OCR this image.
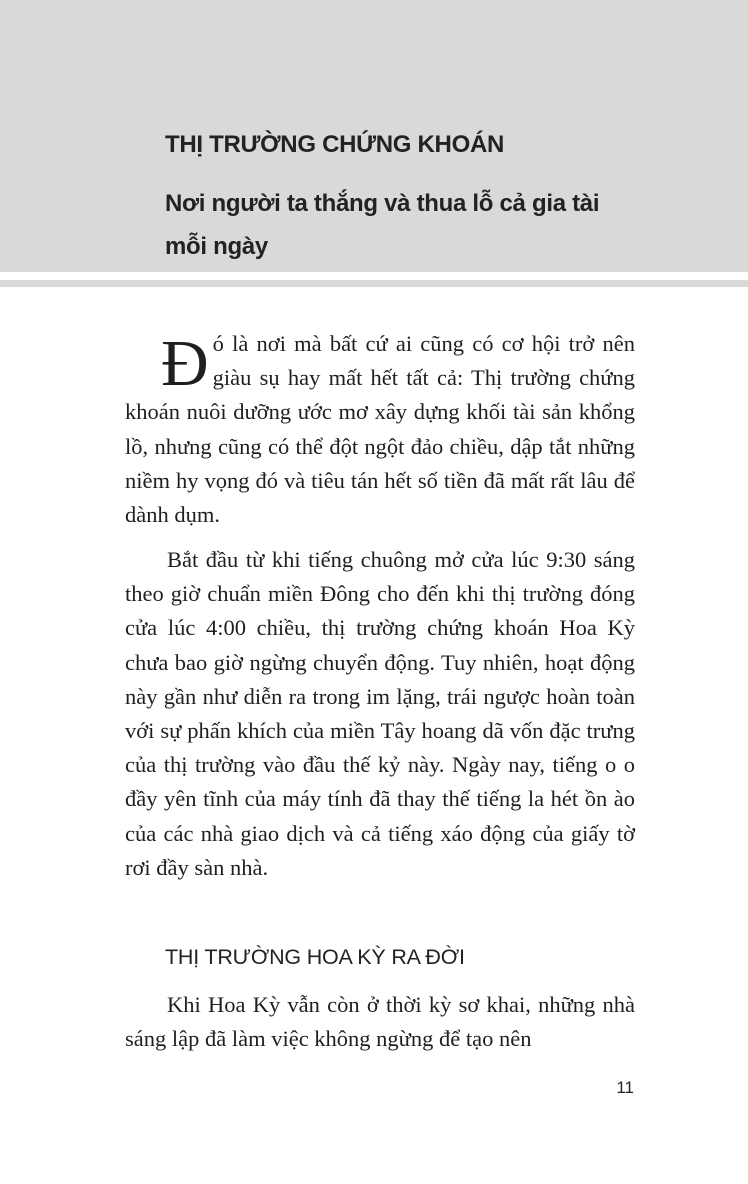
THỊ TRƯỜNG CHỨNG KHOÁN
Nơi người ta thắng và thua lỗ cả gia tài mỗi ngày

Đó là nơi mà bất cứ ai cũng có cơ hội trở nên giàu sụ hay mất hết tất cả: Thị trường chứng khoán nuôi dưỡng ước mơ xây dựng khối tài sản khổng lồ, nhưng cũng có thể đột ngột đảo chiều, dập tắt những niềm hy vọng đó và tiêu tán hết số tiền đã mất rất lâu để dành dụm.

Bắt đầu từ khi tiếng chuông mở cửa lúc 9:30 sáng theo giờ chuẩn miền Đông cho đến khi thị trường đóng cửa lúc 4:00 chiều, thị trường chứng khoán Hoa Kỳ chưa bao giờ ngừng chuyển động. Tuy nhiên, hoạt động này gần như diễn ra trong im lặng, trái ngược hoàn toàn với sự phấn khích của miền Tây hoang dã vốn đặc trưng của thị trường vào đầu thế kỷ này. Ngày nay, tiếng o o đầy yên tĩnh của máy tính đã thay thế tiếng la hét ồn ào của các nhà giao dịch và cả tiếng xáo động của giấy tờ rơi đầy sàn nhà.

THỊ TRƯỜNG HOA KỲ RA ĐỜI

Khi Hoa Kỳ vẫn còn ở thời kỳ sơ khai, những nhà sáng lập đã làm việc không ngừng để tạo nên

11
